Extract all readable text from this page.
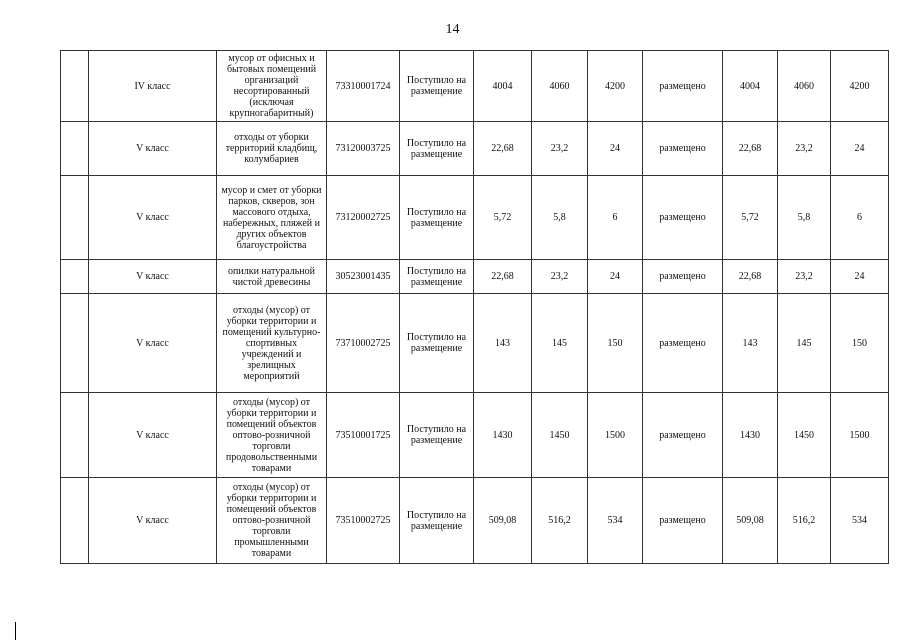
14
	IV класс	мусор от офисных и бытовых помещений организаций несортированный (исключая крупногабаритный)	73310001724	Поступило на размещение	4004	4060	4200	размещено	4004	4060	4200
	V класс	отходы от уборки территорий кладбищ, колумбариев	73120003725	Поступило на размещение	22,68	23,2	24	размещено	22,68	23,2	24
	V класс	мусор и смет от уборки парков, скверов, зон массового отдыха, набережных, пляжей и других объектов благоустройства	73120002725	Поступило на размещение	5,72	5,8	6	размещено	5,72	5,8	6
	V класс	опилки натуральной чистой древесины	30523001435	Поступило на размещение	22,68	23,2	24	размещено	22,68	23,2	24
	V класс	отходы (мусор) от уборки территории и помещений культурно-спортивных учреждений и зрелищных мероприятий	73710002725	Поступило на размещение	143	145	150	размещено	143	145	150
	V класс	отходы (мусор) от уборки территории и помещений объектов оптово-розничной торговли продовольственными товарами	73510001725	Поступило на размещение	1430	1450	1500	размещено	1430	1450	1500
	V класс	отходы (мусор) от уборки территории и помещений объектов оптово-розничной торговли промышленными товарами	73510002725	Поступило на размещение	509,08	516,2	534	размещено	509,08	516,2	534
